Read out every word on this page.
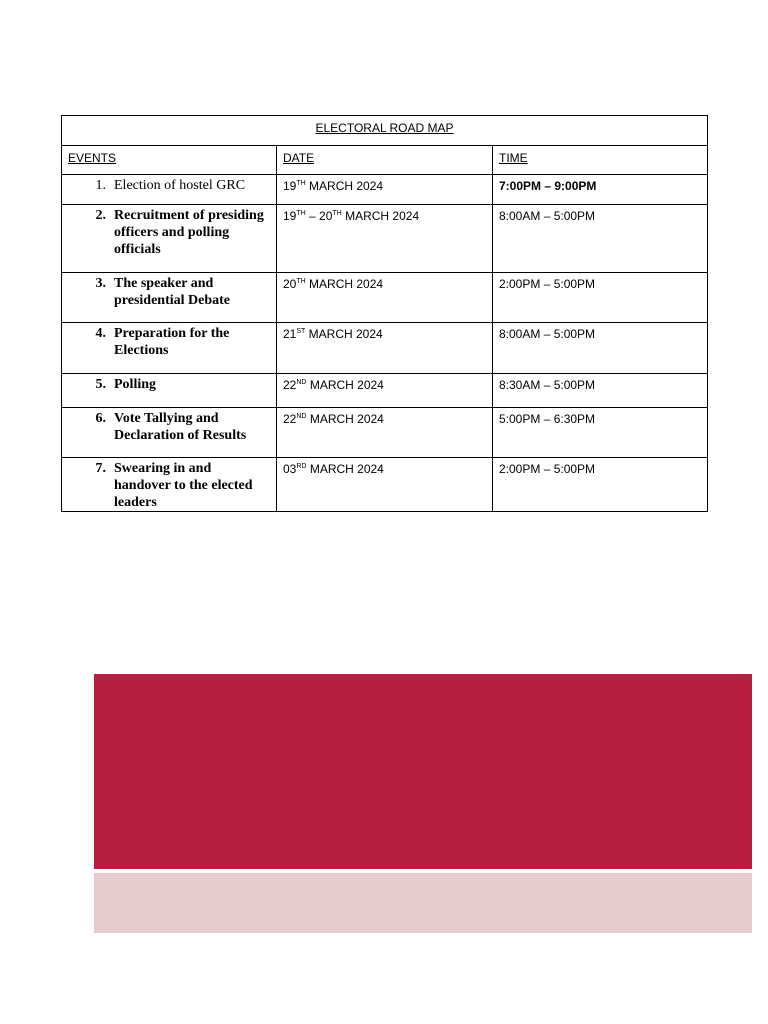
ELECTORAL ROAD MAP		
EVENTS	DATE	TIME

1. Election of hostel GRC	19TH MARCH 2024	7:00PM – 9:00PM

2. Recruitment of presiding officers and polling officials	19TH – 20TH MARCH 2024	8:00AM – 5:00PM

3. The speaker and presidential Debate	20TH MARCH 2024	2:00PM – 5:00PM

4. Preparation for the Elections	21ST MARCH 2024	8:00AM – 5:00PM

5. Polling	22ND MARCH 2024	8:30AM – 5:00PM

6. Vote Tallying and Declaration of Results	22ND MARCH 2024	5:00PM – 6:30PM

7. Swearing in and handover to the elected leaders	03RD MARCH 2024	2:00PM – 5:00PM
